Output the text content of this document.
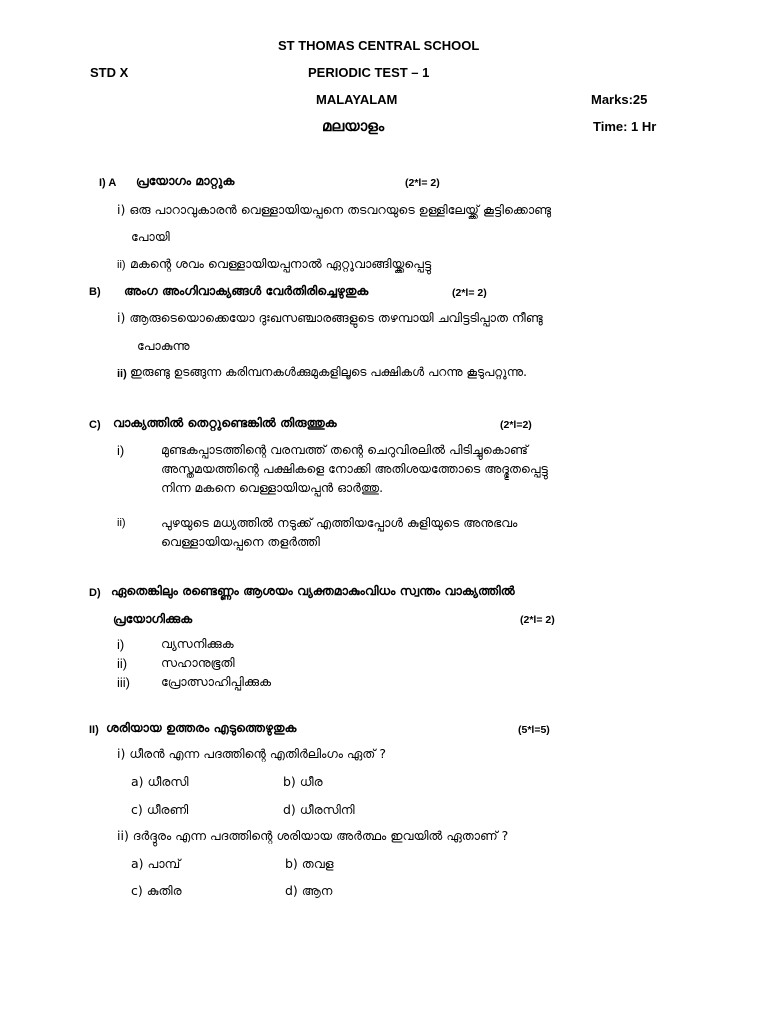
ST THOMAS CENTRAL SCHOOL
STD X	PERIODIC TEST – 1
MALAYALAM	Marks:25
മലയാളം	Time: 1 Hr
I) A പ്രയോഗം മാറ്റുക	(2*l= 2)
i) ഒരു പാറാവുകാരൻ വെള്ളായിയപ്പനെ തടവറയുടെ ഉള്ളിലേയ്ക്ക് കൂട്ടിക്കൊണ്ടു
പോയി
ii) മകന്റെ ശവം വെള്ളായിയപ്പനാൽ ഏറ്റുവാങ്ങിയ്ക്കപ്പെട്ടു
B) അംഗ അംഗിവാക്യങ്ങൾ വേർതിരിച്ചെഴുതുക	(2*l= 2)
i) ആരുടെയൊക്കെയോ ദുഃഖസഞ്ചാരങ്ങളുടെ തഴമ്പായി ചവിട്ടടിപ്പാത നീണ്ടു
പോകുന്നു
ii) ഇരുണ്ടു ഉടങ്ങുന്ന കരിമ്പനകൾക്കുമുകളിലൂടെ പക്ഷികൾ പറന്നു കൂടുപറ്റുന്നു.
C) വാക്യത്തിൽ തെറ്റുണ്ടെങ്കിൽ തിരുത്തുക	(2*l=2)
i)	മുണ്ടകപ്പാടത്തിന്റെ വരമ്പത്ത് തന്റെ ചെറുവിരലിൽ പിടിച്ചുകൊണ്ട്
അസ്തമയത്തിന്റെ പക്ഷികളെ നോക്കി അതിശയത്തോടെ അദ്ഭുതപ്പെട്ടു
നിന്ന മകനെ വെള്ളായിയപ്പൻ ഓർത്തു.
ii)	പുഴയുടെ മധ്യത്തിൽ നടുക്ക് എത്തിയപ്പോൾ കുളിയുടെ അനുഭവം
വെള്ളായിയപ്പനെ തളർത്തി
D) ഏതെങ്കിലും രണ്ടെണ്ണം ആശയം വ്യക്തമാകുംവിധം സ്വന്തം വാക്യത്തിൽ
പ്രയോഗിക്കുക	(2*l= 2)
i)	വ്യസനിക്കുക
ii)	സഹാനുഭൂതി
iii) പ്രോത്സാഹിപ്പിക്കുക
II) ശരിയായ ഉത്തരം എടുത്തെഴുതുക	(5*l=5)
i) ധീരൻ എന്ന പദത്തിന്റെ എതിർലിംഗം ഏത് ?
a) ധീരസി	b) ധീര
c) ധീരണി	d) ധീരസിനി
ii) ദർദ്ദുരം എന്ന പദത്തിന്റെ ശരിയായ അർത്ഥം ഇവയിൽ ഏതാണ് ?
a) പാമ്പ്	b) തവള
c) കുതിര	d) ആന
